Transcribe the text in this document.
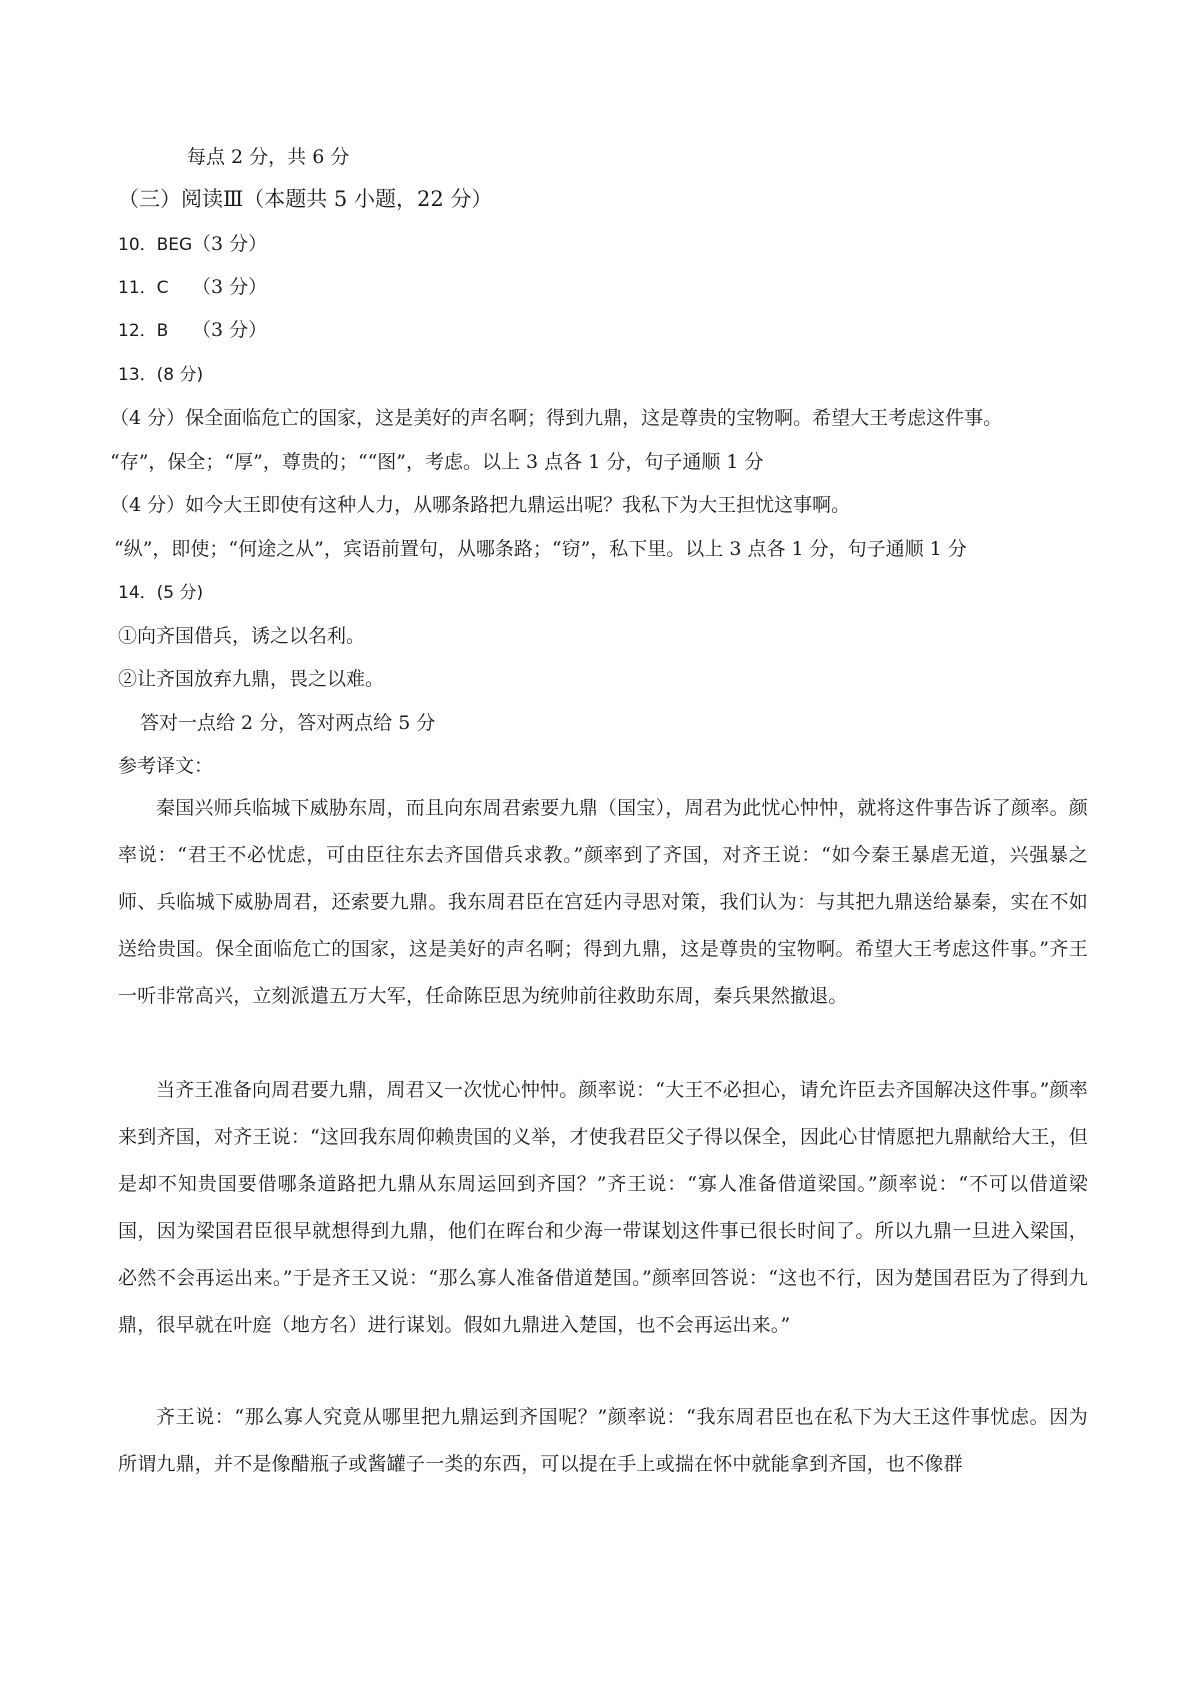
每点 2 分，共 6 分
（三）阅读Ⅲ（本题共 5 小题，22 分）
10．BEG （3 分）
11．C （3 分）
12．B （3 分）
13．(8 分)
（4 分）保全面临危亡的国家，这是美好的声名啊；得到九鼎，这是尊贵的宝物啊。希望大王考虑这件事。
“存”，保全；“厚”，尊贵的；““图”，考虑。以上 3 点各 1 分，句子通顺 1 分
（4 分）如今大王即使有这种人力，从哪条路把九鼎运出呢？我私下为大王担忧这事啊。
“纵”，即使；“何途之从”，宾语前置句，从哪条路；“窃”，私下里。以上 3 点各 1 分，句子通顺 1 分
14．(5 分)
①向齐国借兵，诱之以名利。
②让齐国放弃九鼎，畏之以难。
答对一点给 2 分，答对两点给 5 分
参考译文：
秦国兴师兵临城下威胁东周，而且向东周君索要九鼎（国宝），周君为此忧心忡忡，就将这件事告诉了颜率。颜率说：“君王不必忧虑，可由臣往东去齐国借兵求教。”颜率到了齐国，对齐王说：“如今秦王暴虐无道，兴强暴之师、兵临城下威胁周君，还索要九鼎。我东周君臣在宫廷内寻思对策，我们认为：与其把九鼎送给暴秦，实在不如送给贵国。保全面临危亡的国家，这是美好的声名啊；得到九鼎，这是尊贵的宝物啊。希望大王考虑这件事。”齐王一听非常高兴，立刻派遣五万大军，任命陈臣思为统帅前往救助东周，秦兵果然撤退。
当齐王准备向周君要九鼎，周君又一次忧心忡忡。颜率说：“大王不必担心，请允许臣去齐国解决这件事。”颜率来到齐国，对齐王说：“这回我东周仰赖贵国的义举，才使我君臣父子得以保全，因此心甘情愿把九鼎献给大王，但是却不知贵国要借哪条道路把九鼎从东周运回到齐国？”齐王说：“寡人准备借道梁国。”颜率说：“不可以借道梁国，因为梁国君臣很早就想得到九鼎，他们在晖台和少海一带谋划这件事已很长时间了。所以九鼎一旦进入梁国，必然不会再运出来。”于是齐王又说：“那么寡人准备借道楚国。”颜率回答说：“这也不行，因为楚国君臣为了得到九鼎，很早就在叶庭（地方名）进行谋划。假如九鼎进入楚国，也不会再运出来。”
齐王说：“那么寡人究竟从哪里把九鼎运到齐国呢？”颜率说：“我东周君臣也在私下为大王这件事忧虑。因为所谓九鼎，并不是像醋瓶子或酱罐子一类的东西，可以提在手上或揣在怀中就能拿到齐国，也不像群
